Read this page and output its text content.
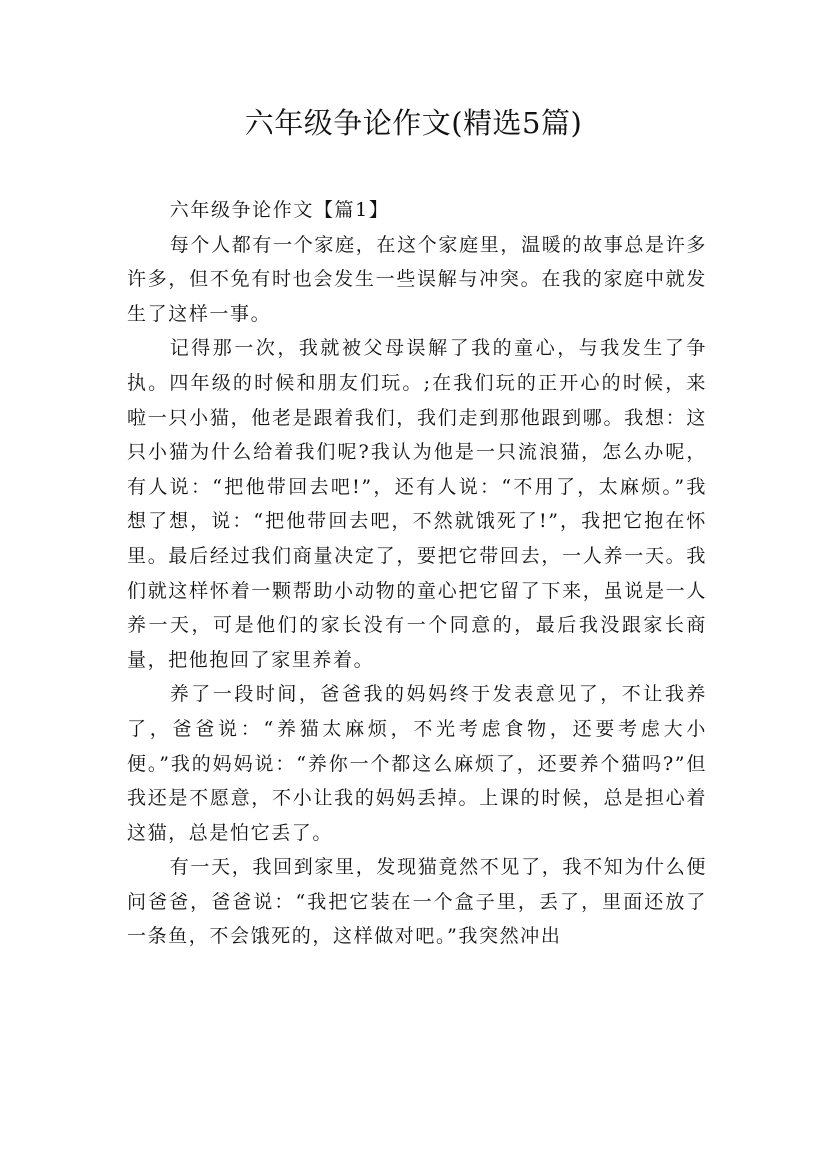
六年级争论作文(精选5篇)

六年级争论作文【篇1】

每个人都有一个家庭，在这个家庭里，温暖的故事总是许多许多，但不免有时也会发生一些误解与冲突。在我的家庭中就发生了这样一事。

记得那一次，我就被父母误解了我的童心，与我发生了争执。四年级的时候和朋友们玩。;在我们玩的正开心的时候，来啦一只小猫，他老是跟着我们，我们走到那他跟到哪。我想：这只小猫为什么给着我们呢?我认为他是一只流浪猫，怎么办呢，有人说：“把他带回去吧!”，还有人说：“不用了，太麻烦。”我想了想，说：“把他带回去吧，不然就饿死了!”，我把它抱在怀里。最后经过我们商量决定了，要把它带回去，一人养一天。我们就这样怀着一颗帮助小动物的童心把它留了下来，虽说是一人养一天，可是他们的家长没有一个同意的，最后我没跟家长商量，把他抱回了家里养着。

养了一段时间，爸爸我的妈妈终于发表意见了，不让我养了，爸爸说：“养猫太麻烦，不光考虑食物，还要考虑大小便。”我的妈妈说：“养你一个都这么麻烦了，还要养个猫吗?”但我还是不愿意，不小让我的妈妈丢掉。上课的时候，总是担心着这猫，总是怕它丢了。

有一天，我回到家里，发现猫竟然不见了，我不知为什么便问爸爸，爸爸说：“我把它装在一个盒子里，丢了，里面还放了一条鱼，不会饿死的，这样做对吧。”我突然冲出
